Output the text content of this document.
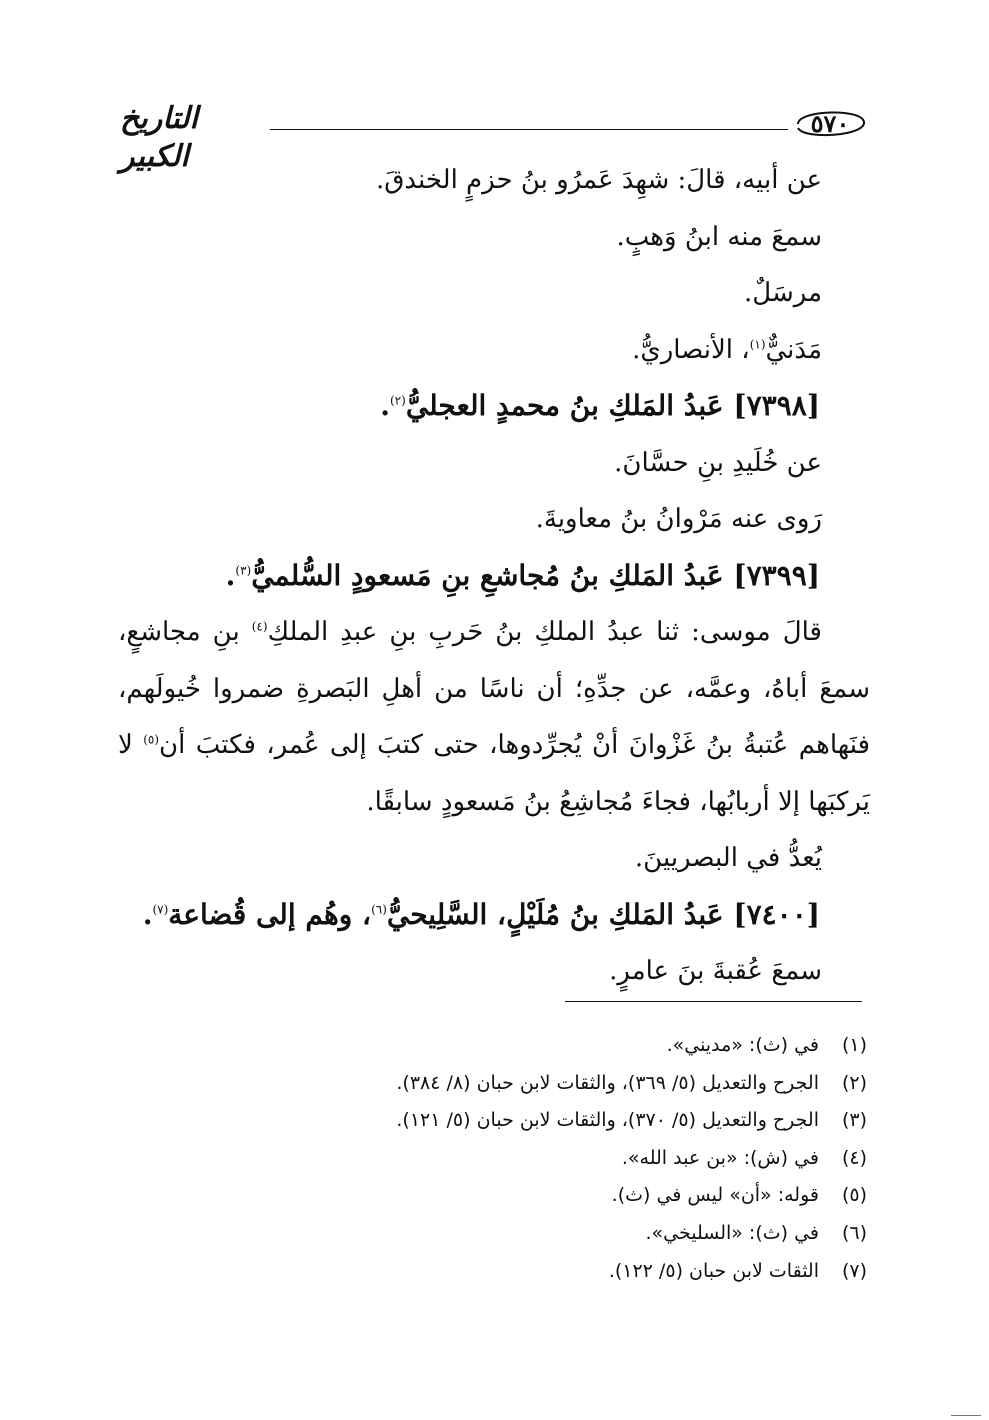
٥٧٠
التاريخ الكبير
عن أبيه، قالَ: شهِدَ عَمرُو بنُ حزمٍ الخندقَ.
سمعَ منه ابنُ وَهبٍ.
مرسَلٌ.
مَدَنيٌّ$^{(١)}$، الأنصاريُّ.
[٧٣٩٨] عَبدُ المَلكِ بنُ محمدٍ العجليُّ$^{(٢)}$.
عن خُلَيدِ بنِ حسَّانَ.
رَوى عنه مَرْوانُ بنُ معاويةَ.
[٧٣٩٩] عَبدُ المَلكِ بنُ مُجاشعِ بنِ مَسعودٍ السُّلميُّ$^{(٣)}$.
قالَ موسى: ثنا عبدُ الملكِ بنُ حَربِ بنِ عبدِ الملكِ$^{(٤)}$ بنِ مجاشعٍ، سمعَ أباهُ، وعمَّه، عن جدِّهِ؛ أن ناسًا من أهلِ البَصرةِ ضمروا خُيولَهم، فنَهاهم عُتبةُ بنُ غَزْوانَ أنْ يُجرِّدوها، حتى كتبَ إلى عُمر، فكتبَ أن$^{(٥)}$ لا يَركبَها إلا أربابُها، فجاءَ مُجاشِعُ بنُ مَسعودٍ سابقًا.
يُعدُّ في البصريينَ.
[٧٤٠٠] عَبدُ المَلكِ بنُ مُلَيْلٍ، السَّلِيحيُّ$^{(٦)}$، وهُم إلى قُضاعة$^{(٧)}$.
سمعَ عُقبةَ بنَ عامرٍ.
(١)
في (ث): «مديني».
(٢)
الجرح والتعديل (٥/ ٣٦٩)، والثقات لابن حبان (٨/ ٣٨٤).
(٣)
الجرح والتعديل (٥/ ٣٧٠)، والثقات لابن حبان (٥/ ١٢١).
(٤)
في (ش): «بن عبد الله».
(٥)
قوله: «أن» ليس في (ث).
(٦)
في (ث): «السليخي».
(٧)
الثقات لابن حبان (٥/ ١٢٢).
